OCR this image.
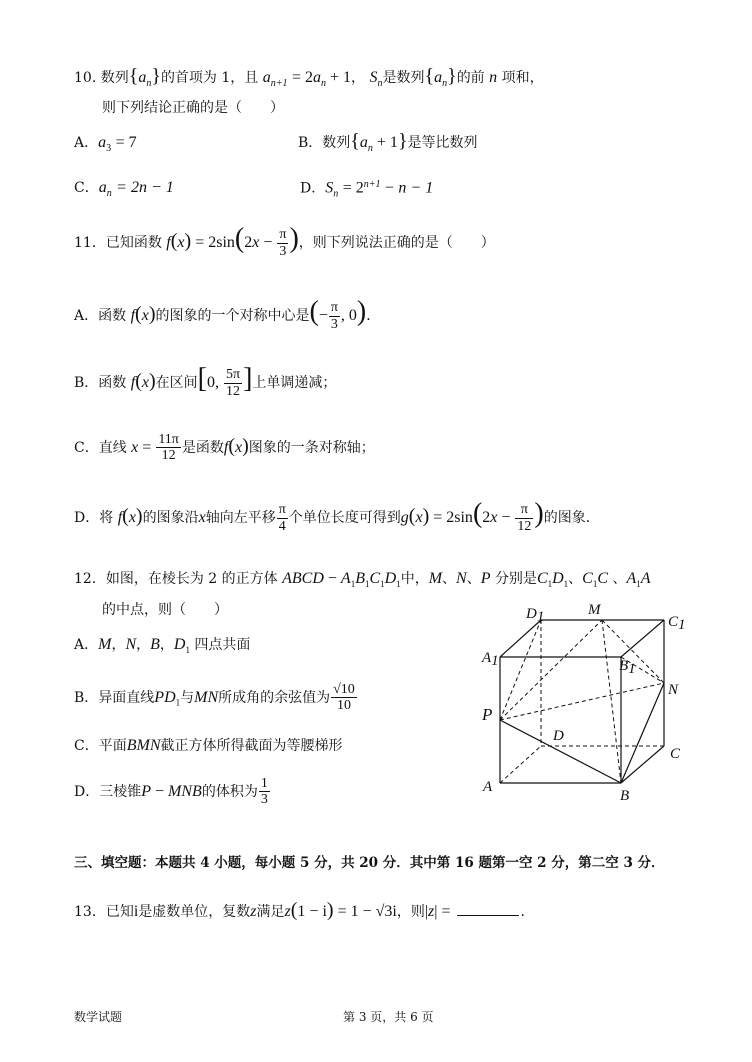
10. 数列$\{a_n\}$的首项为 1，且 $a_{n+1} = 2a_n + 1$， $S_n$是数列$\{a_n\}$的前 n 项和，
则下列结论正确的是（　　）
A．$a_3 = 7$	B．数列$\{a_n + 1\}$是等比数列
C．$a_n = 2n - 1$	D．$S_n = 2^{n+1} - n - 1$
11．已知函数 $f(x) = 2\sin(2x - \frac{\pi}{3}$ )，则下列说法正确的是（　　）
A．函数 f(x)的图象的一个对称中心是(− $\frac{\pi}{3}$ , 0)．
B．函数 f(x)在区间[0, $\frac{5\pi}{12}$ ]上单调递减；
C．直线 $x = \frac{11\pi}{12}$ 是函数f(x)图象的一条对称轴；
D．将 f(x)的图象沿x轴向左平移 $\frac{\pi}{4}$ 个单位长度可得到$g(x) = 2\sin(2x - \frac{\pi}{12}$ )的图象．
12．如图，在棱长为 2 的正方体 ABCD − $A_1B_1C_1D_1$中，M、N、P 分别是$C_1D_1$、$C_1C$ 、$A_1A$
的中点，则（　　）
A．M，N，B，$D_1$ 四点共面
B．异面直线$PD_1$与MN所成角的余弦值为 $\frac{√10}{10}$
C．平面BMN截正方体所得截面为等腰梯形
D．三棱锥P − MNB的体积为 $\frac{1}{3}$
D1	M
C1
A1	B1
N
P
D
C
A
B
三、填空题：本题共 4 小题，每小题 5 分，共 20 分．其中第 16 题第一空 2 分，第二空 3 分．
13．已知i是虚数单位，复数z满足z(1 − i) = 1 − √3i，则|z| =	.
数学试题	第 3 页，共 6 页
